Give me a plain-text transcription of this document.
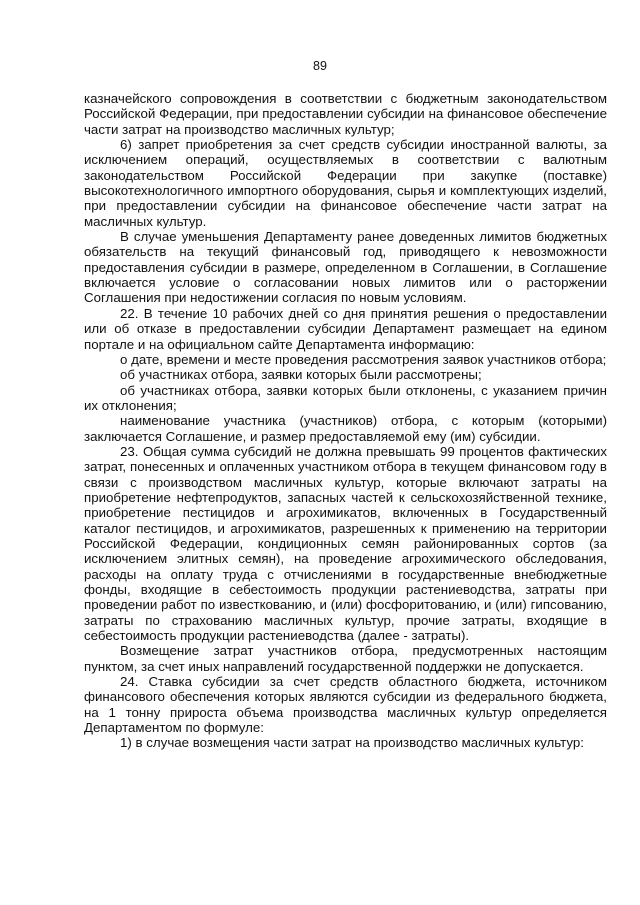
89

казначейского сопровождения в соответствии с бюджетным законодательством Российской Федерации, при предоставлении субсидии на финансовое обеспечение части затрат на производство масличных культур;

6) запрет приобретения за счет средств субсидии иностранной валюты, за исключением операций, осуществляемых в соответствии с валютным законодательством Российской Федерации при закупке (поставке) высокотехнологичного импортного оборудования, сырья и комплектующих изделий, при предоставлении субсидии на финансовое обеспечение части затрат на масличных культур.

В случае уменьшения Департаменту ранее доведенных лимитов бюджетных обязательств на текущий финансовый год, приводящего к невозможности предоставления субсидии в размере, определенном в Соглашении, в Соглашение включается условие о согласовании новых лимитов или о расторжении Соглашения при недостижении согласия по новым условиям.

22. В течение 10 рабочих дней со дня принятия решения о предоставлении или об отказе в предоставлении субсидии Департамент размещает на едином портале и на официальном сайте Департамента информацию:

о дате, времени и месте проведения рассмотрения заявок участников отбора;

об участниках отбора, заявки которых были рассмотрены;

об участниках отбора, заявки которых были отклонены, с указанием причин их отклонения;

наименование участника (участников) отбора, с которым (которыми) заключается Соглашение, и размер предоставляемой ему (им) субсидии.

23. Общая сумма субсидий не должна превышать 99 процентов фактических затрат, понесенных и оплаченных участником отбора в текущем финансовом году в связи с производством масличных культур, которые включают затраты на приобретение нефтепродуктов, запасных частей к сельскохозяйственной технике, приобретение пестицидов и агрохимикатов, включенных в Государственный каталог пестицидов, и агрохимикатов, разрешенных к применению на территории Российской Федерации, кондиционных семян районированных сортов (за исключением элитных семян), на проведение агрохимического обследования, расходы на оплату труда с отчислениями в государственные внебюджетные фонды, входящие в себестоимость продукции растениеводства, затраты при проведении работ по известкованию, и (или) фосфоритованию, и (или) гипсованию, затраты по страхованию масличных культур, прочие затраты, входящие в себестоимость продукции растениеводства (далее - затраты).

Возмещение затрат участников отбора, предусмотренных настоящим пунктом, за счет иных направлений государственной поддержки не допускается.

24. Ставка субсидии за счет средств областного бюджета, источником финансового обеспечения которых являются субсидии из федерального бюджета, на 1 тонну прироста объема производства масличных культур определяется Департаментом по формуле:

1) в случае возмещения части затрат на производство масличных культур:
